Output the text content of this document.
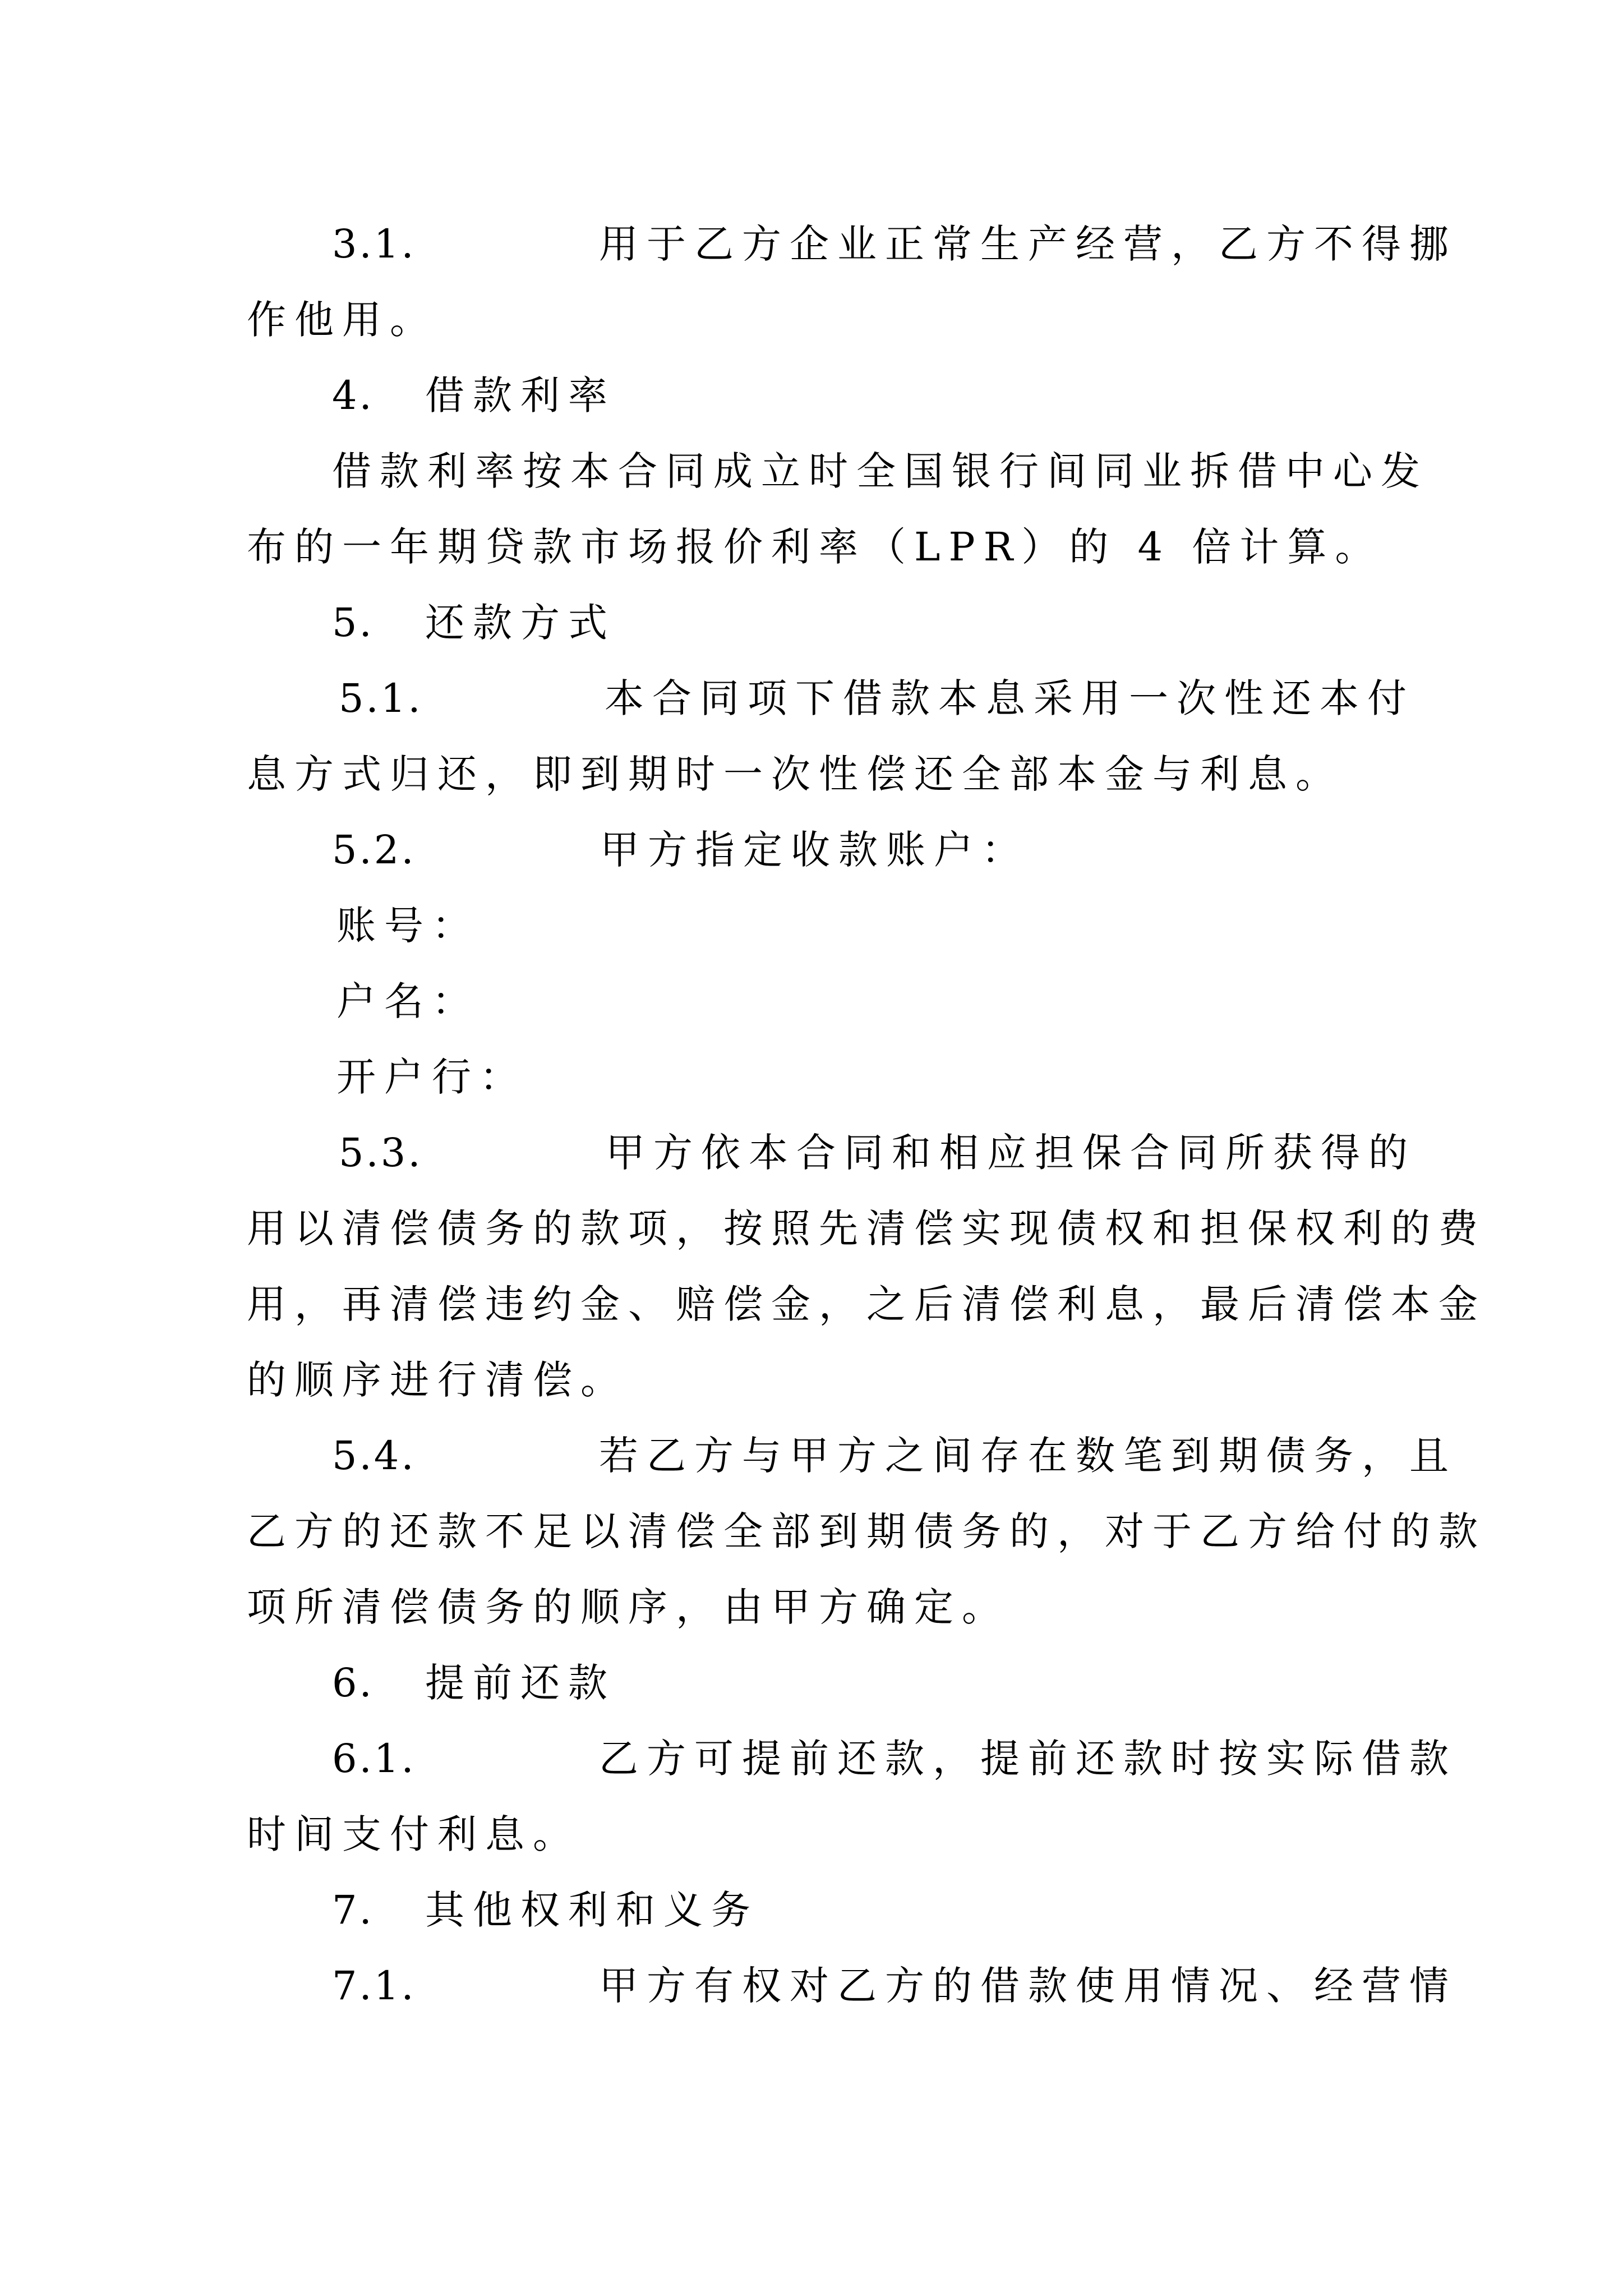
3.1.	用于乙方企业正常生产经营，乙方不得挪
作他用。
4. 借款利率
借款利率按本合同成立时全国银行间同业拆借中心发
布的一年期贷款市场报价利率（LPR）的 4 倍计算。
5. 还款方式
5.1.	本合同项下借款本息采用一次性还本付
息方式归还，即到期时一次性偿还全部本金与利息。
5.2.	甲方指定收款账户：
账号：
户名：
开户行：
5.3.	甲方依本合同和相应担保合同所获得的
用以清偿债务的款项，按照先清偿实现债权和担保权利的费
用，再清偿违约金、赔偿金，之后清偿利息，最后清偿本金
的顺序进行清偿。
5.4.	若乙方与甲方之间存在数笔到期债务，且
乙方的还款不足以清偿全部到期债务的，对于乙方给付的款
项所清偿债务的顺序，由甲方确定。
6. 提前还款
6.1.	乙方可提前还款，提前还款时按实际借款
时间支付利息。
7. 其他权利和义务
7.1.	甲方有权对乙方的借款使用情况、经营情
